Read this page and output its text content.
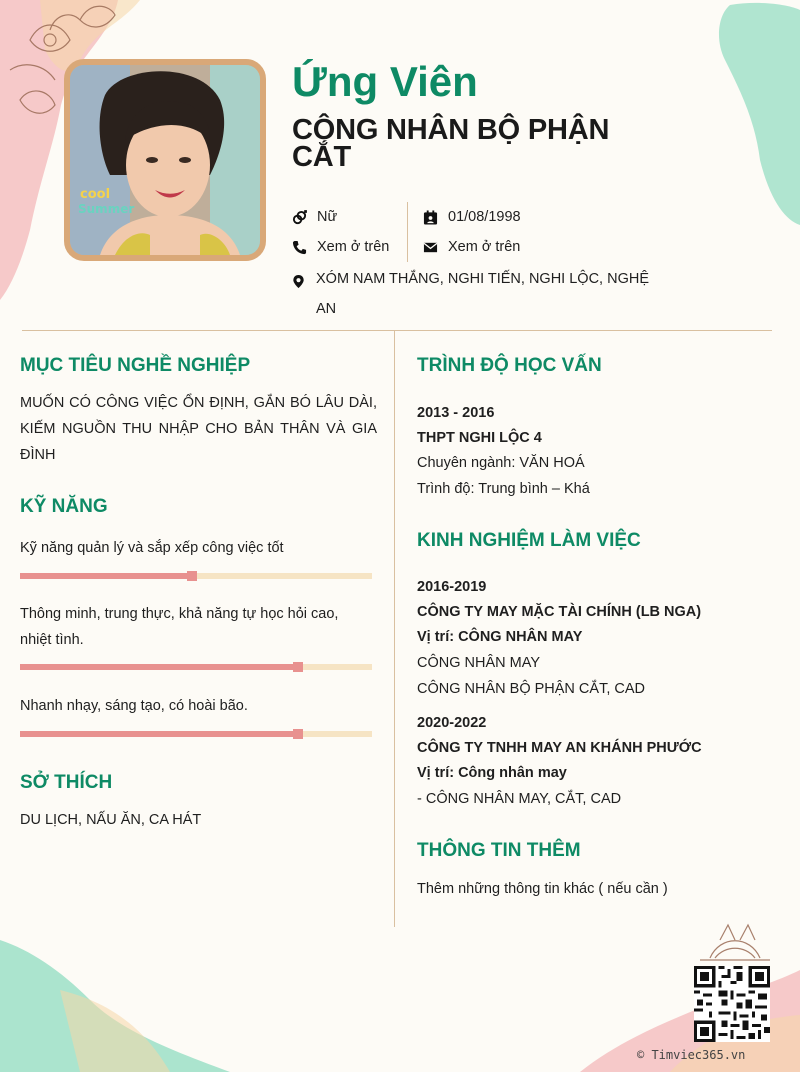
cool
Summer
Ứng Viên
CÔNG NHÂN BỘ PHẬN CẮT
Nữ
Xem ở trên
01/08/1998
Xem ở trên
XÓM NAM THẮNG, NGHI TIẾN, NGHI LỘC, NGHỆ AN
MỤC TIÊU NGHỀ NGHIỆP
MUỐN CÓ CÔNG VIỆC ỔN ĐỊNH, GẮN BÓ LÂU DÀI, KIẾM NGUỒN THU NHẬP CHO BẢN THÂN VÀ GIA ĐÌNH
KỸ NĂNG
Kỹ năng quản lý và sắp xếp công việc tốt
Thông minh, trung thực, khả năng tự học hỏi cao, nhiệt tình.
Nhanh nhạy, sáng tạo, có hoài bão.
SỞ THÍCH
DU LỊCH, NẤU ĂN, CA HÁT
TRÌNH ĐỘ HỌC VẤN
2013 - 2016
THPT NGHI LỘC 4
Chuyên ngành: VĂN HOÁ
Trình độ: Trung bình – Khá
KINH NGHIỆM LÀM VIỆC
2016-2019
CÔNG TY MAY MẶC TÀI CHÍNH (LB NGA)
Vị trí: CÔNG NHÂN MAY
CÔNG NHÂN MAY
CÔNG NHÂN BỘ PHẬN CẮT, CAD
2020-2022
CÔNG TY TNHH MAY AN KHÁNH PHƯỚC
Vị trí: Công nhân may
- CÔNG NHÂN MAY, CẮT, CAD
THÔNG TIN THÊM
Thêm những thông tin khác ( nếu cần )
© Timviec365.vn
